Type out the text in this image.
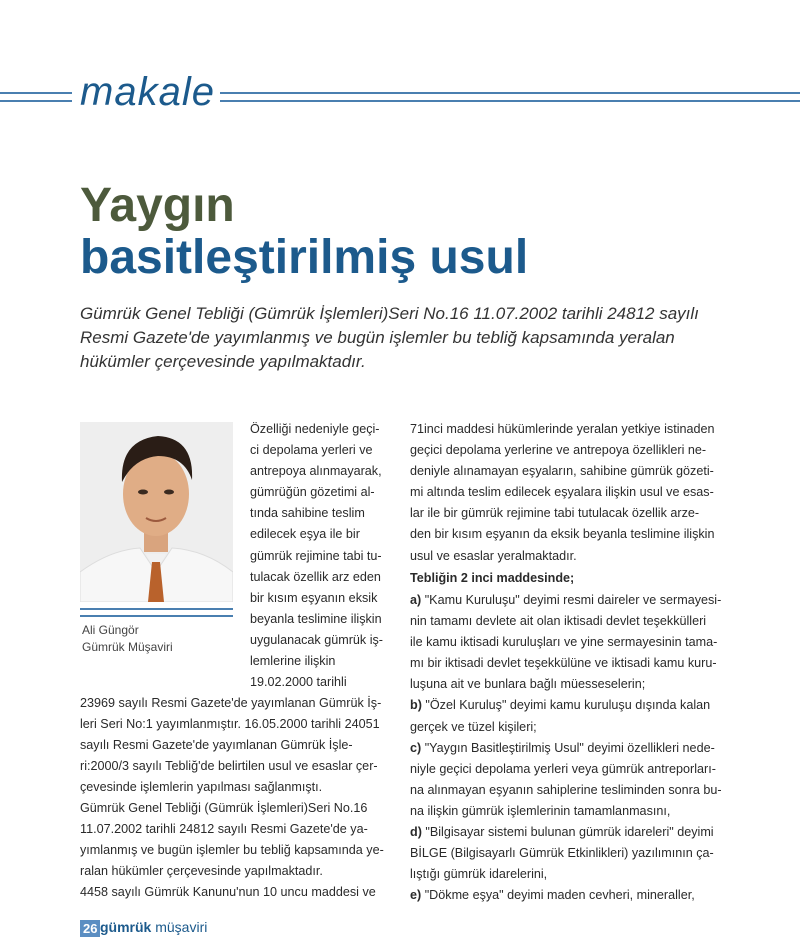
makale
Yaygın
basitleştirilmiş usul
Gümrük Genel Tebliği (Gümrük İşlemleri)Seri No.16 11.07.2002 tarihli 24812 sayılı Resmi Gazete'de yayımlanmış ve bugün işlemler bu tebliğ kapsamında yeralan hükümler çerçevesinde yapılmaktadır.
Ali Güngör
Gümrük Müşaviri
Özelliği nedeniyle geçi-
ci depolama yerleri ve
antrepoya alınmayarak,
gümrüğün gözetimi al-
tında sahibine teslim
edilecek eşya ile bir
gümrük rejimine tabi tu-
tulacak özellik arz eden
bir kısım eşyanın eksik
beyanla teslimine ilişkin
uygulanacak gümrük iş-
lemlerine ilişkin
19.02.2000 tarihli
23969 sayılı Resmi Gazete'de yayımlanan Gümrük İş-
leri Seri No:1 yayımlanmıştır. 16.05.2000 tarihli 24051
sayılı Resmi Gazete'de yayımlanan Gümrük İşle-
ri:2000/3 sayılı Tebliğ'de belirtilen usul ve esaslar çer-
çevesinde işlemlerin yapılması sağlanmıştı.
Gümrük Genel Tebliği (Gümrük İşlemleri)Seri No.16
11.07.2002 tarihli 24812 sayılı Resmi Gazete'de ya-
yımlanmış ve bugün işlemler bu tebliğ kapsamında ye-
ralan hükümler çerçevesinde yapılmaktadır.
4458 sayılı Gümrük Kanunu'nun 10 uncu maddesi ve
71inci maddesi hükümlerinde yeralan yetkiye istinaden
geçici depolama yerlerine ve antrepoya özellikleri ne-
deniyle alınamayan eşyaların, sahibine gümrük gözeti-
mi altında teslim edilecek eşyalara ilişkin usul ve esas-
lar ile bir gümrük rejimine tabi tutulacak özellik arze-
den bir kısım eşyanın da eksik beyanla teslimine ilişkin
usul ve esaslar yeralmaktadır.
Tebliğin 2 inci maddesinde;
a) "Kamu Kuruluşu" deyimi resmi daireler ve sermayesi-
nin tamamı devlete ait olan iktisadi devlet teşekkülleri
ile kamu iktisadi kuruluşları ve yine sermayesinin tama-
mı bir iktisadi devlet teşekkülüne ve iktisadi kamu kuru-
luşuna ait ve bunlara bağlı müesseselerin;
b) "Özel Kuruluş" deyimi kamu kuruluşu dışında kalan
gerçek ve tüzel kişileri;
c) "Yaygın Basitleştirilmiş Usul" deyimi özellikleri nede-
niyle geçici depolama yerleri veya gümrük antreporları-
na alınmayan eşyanın sahiplerine tesliminden sonra bu-
na ilişkin gümrük işlemlerinin tamamlanmasını,
d) "Bilgisayar sistemi bulunan gümrük idareleri" deyimi
BİLGE (Bilgisayarlı Gümrük Etkinlikleri) yazılımının ça-
lıştığı gümrük idarelerini,
e) "Dökme eşya" deyimi maden cevheri, mineraller,
26 gümrük müşaviri
